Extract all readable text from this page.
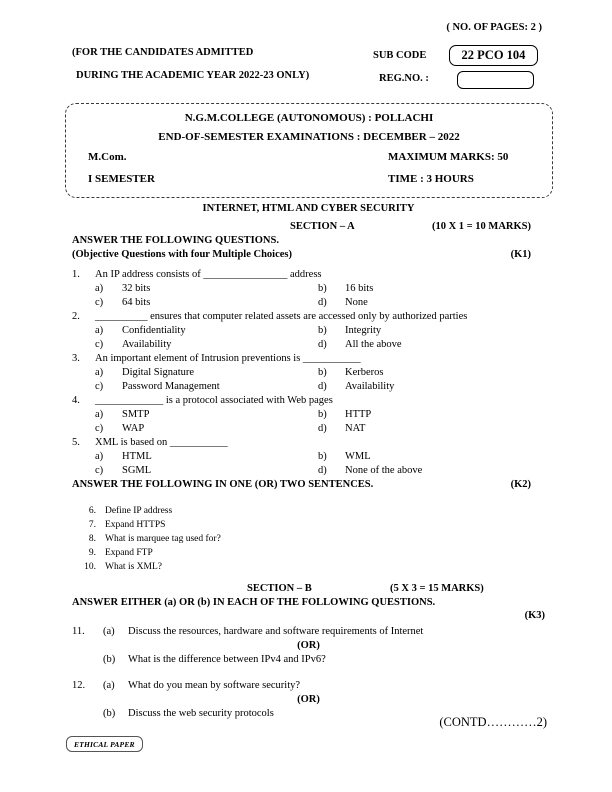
( NO. OF PAGES: 2 )
(FOR THE CANDIDATES ADMITTED
DURING THE ACADEMIC YEAR 2022-23 ONLY)
SUB CODE	22 PCO 104
REG.NO. :
N.G.M.COLLEGE (AUTONOMOUS) : POLLACHI
END-OF-SEMESTER EXAMINATIONS : DECEMBER – 2022
M.Com.	MAXIMUM MARKS: 50
I SEMESTER	TIME : 3 HOURS
INTERNET, HTML AND CYBER SECURITY
SECTION – A	(10 X 1 = 10 MARKS)
ANSWER THE FOLLOWING QUESTIONS.
(Objective Questions with four Multiple Choices)	(K1)
1.	An IP address consists of ________________ address
a)	32 bits	b)	16 bits
c)	64 bits	d)	None
2.	__________ ensures that computer related assets are accessed only by authorized parties
a)	Confidentiality	b)	Integrity
c)	Availability	d)	All the above
3.	An important element of Intrusion preventions is ___________
a)	Digital Signature	b)	Kerberos
c)	Password Management	d)	Availability
4.	_____________ is a protocol associated with Web pages
a)	SMTP	b)	HTTP
c)	WAP	d)	NAT
5.	XML is based on ___________
a)	HTML	b)	WML
c)	SGML	d)	None of the above
ANSWER THE FOLLOWING IN ONE (OR) TWO SENTENCES.	(K2)
6. Define IP address
7. Expand HTTPS
8. What is marquee tag used for?
9. Expand FTP
10. What is XML?
SECTION – B	(5 X 3 = 15 MARKS)
ANSWER EITHER (a) OR (b) IN EACH OF THE FOLLOWING QUESTIONS.
(K3)
11.	(a)	Discuss the resources, hardware and software requirements of Internet
(OR)
(b)	What is the difference between IPv4 and IPv6?
12.	(a)	What do you mean by software security?
(OR)
(b)	Discuss the web security protocols
(CONTD…………2)
ETHICAL PAPER
